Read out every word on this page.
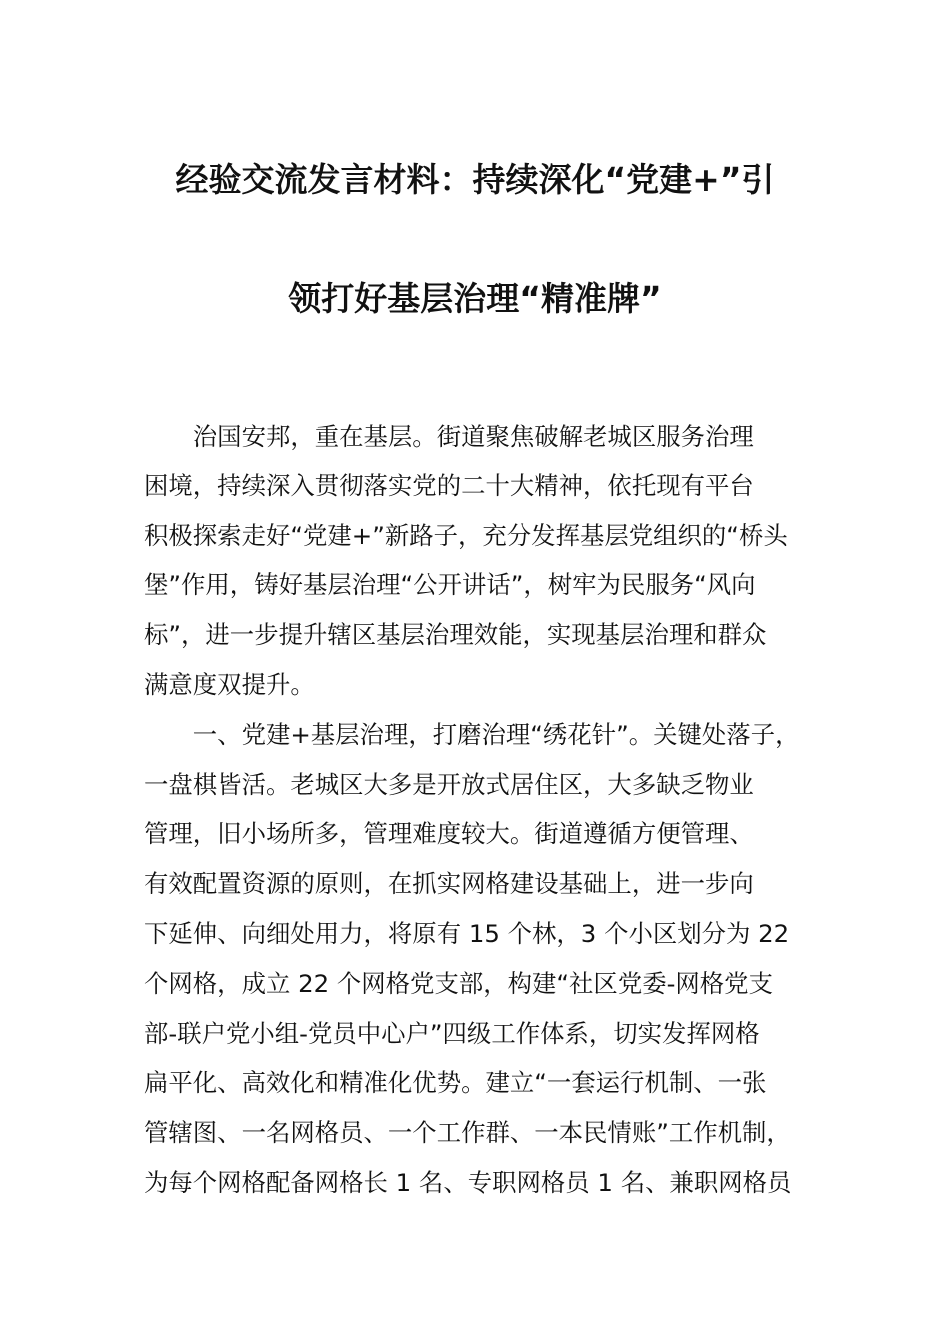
经验交流发言材料：持续深化“党建+”引
领打好基层治理“精准牌”
　　治国安邦，重在基层。街道聚焦破解老城区服务治理
困境，持续深入贯彻落实党的二十大精神，依托现有平台
积极探索走好“党建+”新路子，充分发挥基层党组织的“桥头
堡”作用，铸好基层治理“公开讲话”，树牢为民服务“风向
标”，进一步提升辖区基层治理效能，实现基层治理和群众
满意度双提升。
　　一、党建+基层治理，打磨治理“绣花针”。关键处落子，
一盘棋皆活。老城区大多是开放式居住区，大多缺乏物业
管理，旧小场所多，管理难度较大。街道遵循方便管理、
有效配置资源的原则，在抓实网格建设基础上，进一步向
下延伸、向细处用力，将原有 15 个林，3 个小区划分为 22
个网格，成立 22 个网格党支部，构建“社区党委-网格党支
部-联户党小组-党员中心户”四级工作体系，切实发挥网格
扁平化、高效化和精准化优势。建立“一套运行机制、一张
管辖图、一名网格员、一个工作群、一本民情账”工作机制，
为每个网格配备网格长 1 名、专职网格员 1 名、兼职网格员
